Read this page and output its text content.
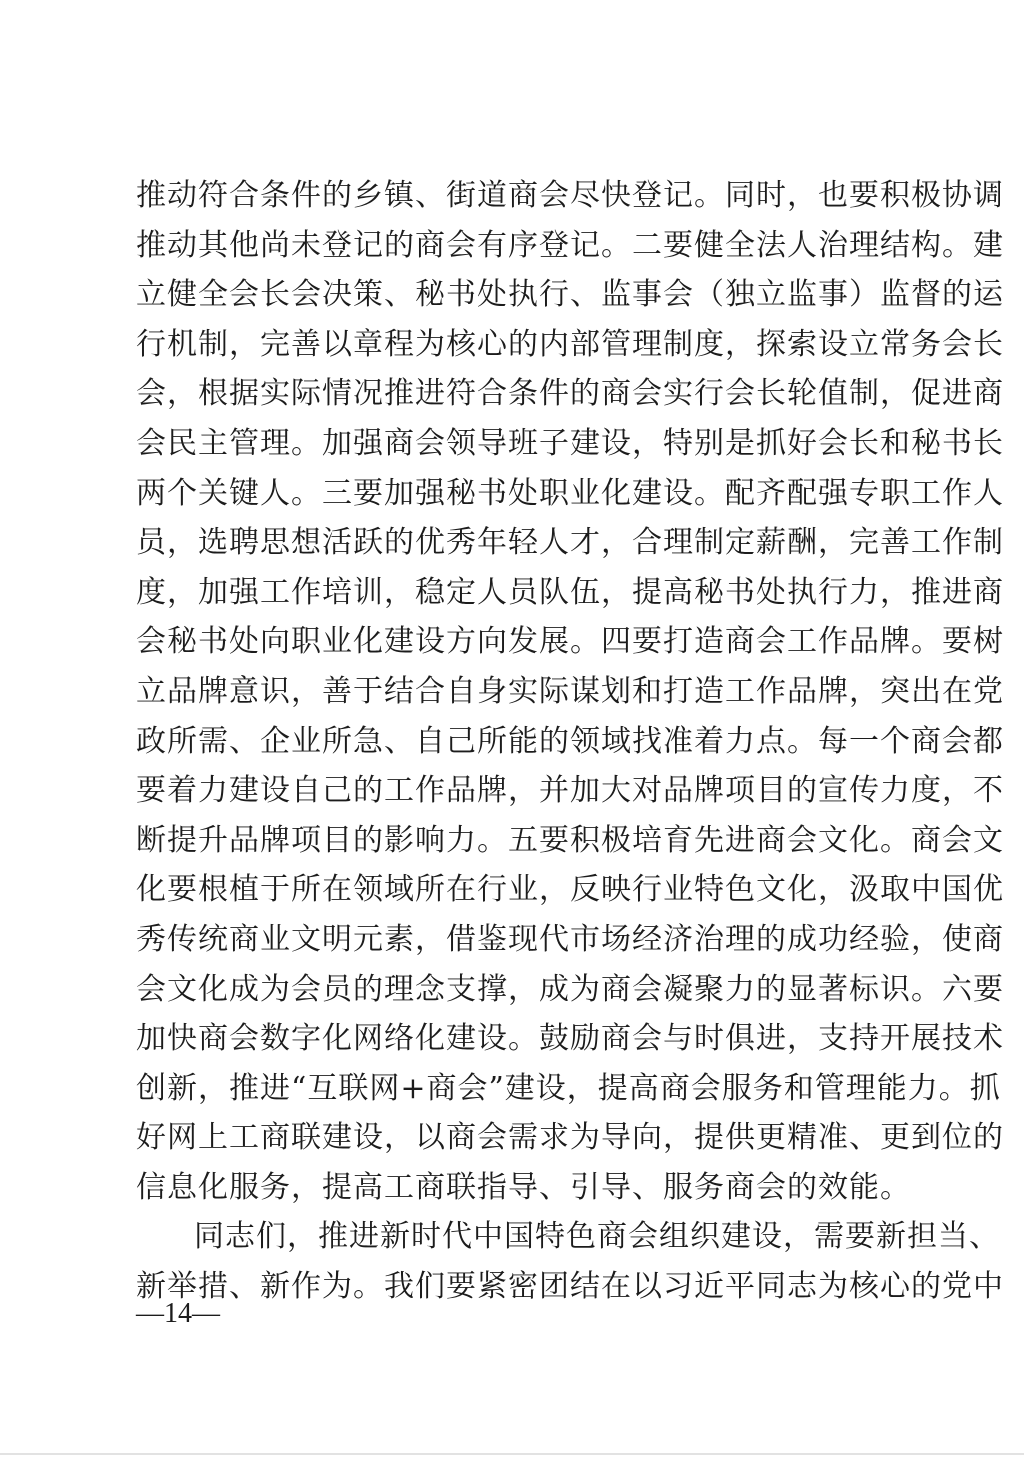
推动符合条件的乡镇、街道商会尽快登记。同时，也要积极协调
推动其他尚未登记的商会有序登记。二要健全法人治理结构。建
立健全会长会决策、秘书处执行、监事会（独立监事）监督的运
行机制，完善以章程为核心的内部管理制度，探索设立常务会长
会，根据实际情况推进符合条件的商会实行会长轮值制，促进商
会民主管理。加强商会领导班子建设，特别是抓好会长和秘书长
两个关键人。三要加强秘书处职业化建设。配齐配强专职工作人
员，选聘思想活跃的优秀年轻人才，合理制定薪酬，完善工作制
度，加强工作培训，稳定人员队伍，提高秘书处执行力，推进商
会秘书处向职业化建设方向发展。四要打造商会工作品牌。要树
立品牌意识，善于结合自身实际谋划和打造工作品牌，突出在党
政所需、企业所急、自己所能的领域找准着力点。每一个商会都
要着力建设自己的工作品牌，并加大对品牌项目的宣传力度，不
断提升品牌项目的影响力。五要积极培育先进商会文化。商会文
化要根植于所在领域所在行业，反映行业特色文化，汲取中国优
秀传统商业文明元素，借鉴现代市场经济治理的成功经验，使商
会文化成为会员的理念支撑，成为商会凝聚力的显著标识。六要
加快商会数字化网络化建设。鼓励商会与时俱进，支持开展技术
创新，推进“互联网+商会”建设，提高商会服务和管理能力。抓
好网上工商联建设，以商会需求为导向，提供更精准、更到位的
信息化服务，提高工商联指导、引导、服务商会的效能。
同志们，推进新时代中国特色商会组织建设，需要新担当、
新举措、新作为。我们要紧密团结在以习近平同志为核心的党中
—14—
